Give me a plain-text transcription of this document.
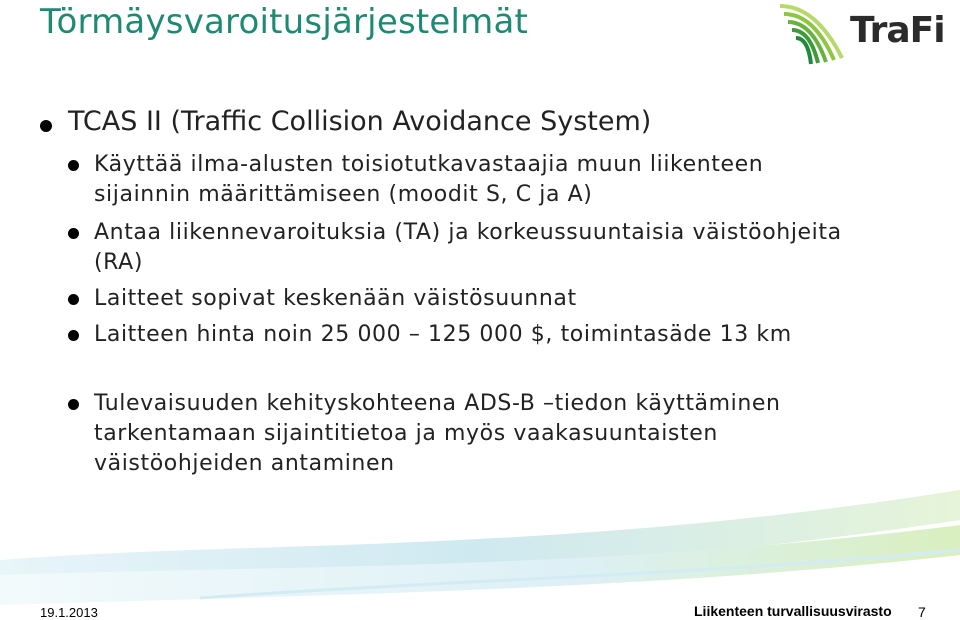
Törmäysvaroitusjärjestelmät	TraFi
TCAS II (Traffic Collision Avoidance System)
Käyttää ilma-alusten toisiotutkavastaajia muun liikenteen sijainnin määrittämiseen (moodit S, C ja A)
Antaa liikennevaroituksia (TA) ja korkeussuuntaisia väistöohjeita (RA)
Laitteet sopivat keskenään väistösuunnat
Laitteen hinta noin 25 000 – 125 000 $, toimintasäde 13 km
Tulevaisuuden kehityskohteena ADS-B –tiedon käyttäminen tarkentamaan sijaintitietoa ja myös vaakasuuntaisten väistöohjeiden antaminen
19.1.2013	Liikenteen turvallisuusvirasto 7
